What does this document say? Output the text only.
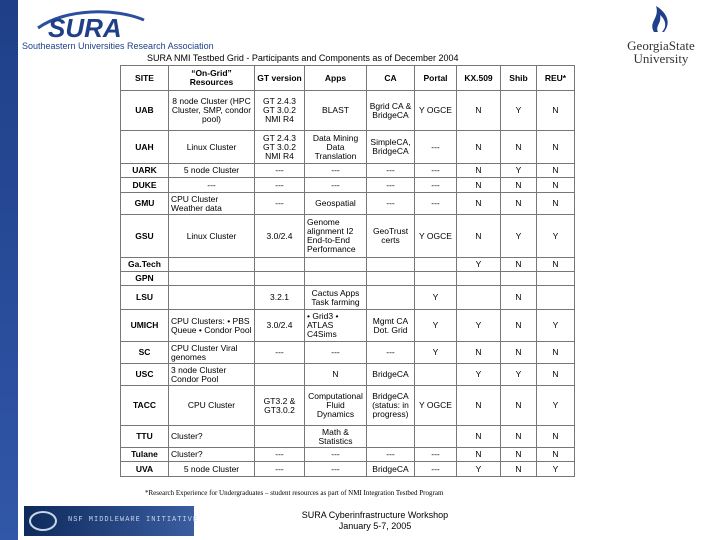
SURA
Southeastern Universities Research Association	GeorgiaState
University
SURA NMI Testbed Grid - Participants and Components as of December 2004
SITE	“On-Grid” Resources	GT version	Apps	CA	Portal	KX.509	Shib	REU*
UAB	8 node Cluster (HPC Cluster, SMP, condor pool)	GT 2.4.3 GT 3.0.2 NMI R4	BLAST	Bgrid CA & BridgeCA	Y OGCE	N	Y	N
UAH	Linux Cluster	GT 2.4.3 GT 3.0.2 NMI R4	Data Mining Data Translation	SimpleCA, BridgeCA	---	N	N	N
UARK	5 node Cluster	---	---	---	---	N	Y	N
DUKE	---	---	---	---	---	N	N	N
GMU	CPU Cluster Weather data	---	Geospatial	---	---	N	N	N
GSU	Linux Cluster	3.0/2.4	Genome alignment I2 End-to-End Performance	GeoTrust certs	Y OGCE	N	Y	Y
Ga.Tech						Y	N	N
GPN								
LSU		3.2.1	Cactus Apps Task farming		Y		N	
UMICH	CPU Clusters: • PBS Queue • Condor Pool	3.0/2.4	• Grid3 • ATLAS C4Sims	Mgmt CA Dot. Grid	Y	Y	N	Y
SC	CPU Cluster Viral genomes	---	---	---	Y	N	N	N
USC	3 node Cluster Condor Pool		N	BridgeCA		Y	Y	N
TACC	CPU Cluster	GT3.2 & GT3.0.2	Computational Fluid Dynamics	BridgeCA (status: in progress)	Y OGCE	N	N	Y
TTU	Cluster?		Math & Statistics			N	N	N
Tulane	Cluster?	---	---	---	---	N	N	N
UVA	5 node Cluster	---	---	BridgeCA	---	Y	N	Y
*Research Experience for Undergraduates – student resources as part of NMI Integration Testbed Program
NSF MIDDLEWARE INITIATIVE	SURA Cyberinfrastructure Workshop
January 5-7, 2005
